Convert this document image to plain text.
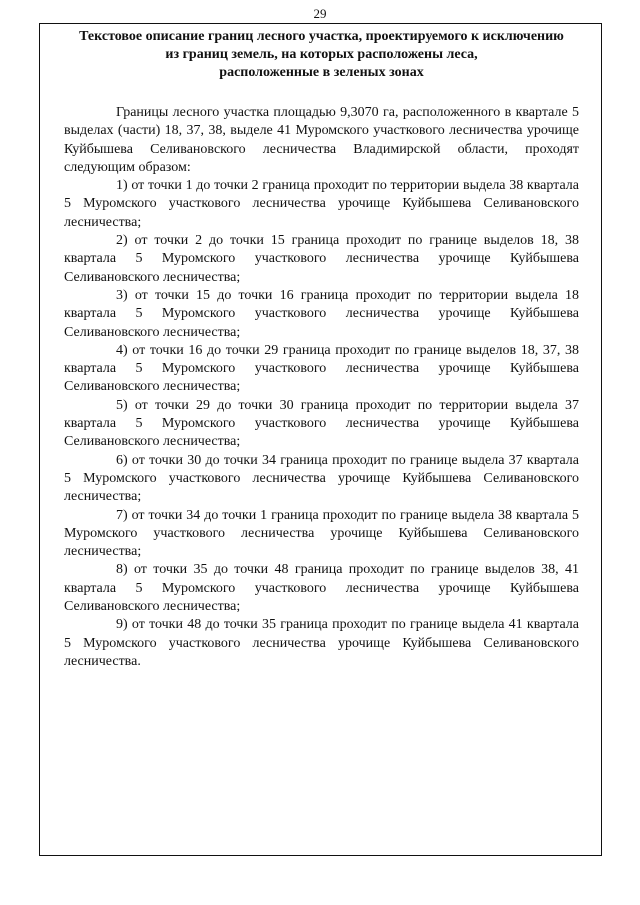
29
Текстовое описание границ лесного участка, проектируемого к исключению
из границ земель, на которых расположены леса,
расположенные в зеленых зонах

Границы лесного участка площадью 9,3070 га, расположенного в квартале 5 выделах (части) 18, 37, 38, выделе 41 Муромского участкового лесничества урочище Куйбышева Селивановского лесничества Владимирской области, проходят следующим образом:

1) от точки 1 до точки 2 граница проходит по территории выдела 38 квартала 5 Муромского участкового лесничества урочище Куйбышева Селивановского лесничества;

2) от точки 2 до точки 15 граница проходит по границе выделов 18, 38 квартала 5 Муромского участкового лесничества урочище Куйбышева Селивановского лесничества;

3) от точки 15 до точки 16 граница проходит по территории выдела 18 квартала 5 Муромского участкового лесничества урочище Куйбышева Селивановского лесничества;

4) от точки 16 до точки 29 граница проходит по границе выделов 18, 37, 38 квартала 5 Муромского участкового лесничества урочище Куйбышева Селивановского лесничества;

5) от точки 29 до точки 30 граница проходит по территории выдела 37 квартала 5 Муромского участкового лесничества урочище Куйбышева Селивановского лесничества;

6) от точки 30 до точки 34 граница проходит по границе выдела 37 квартала 5 Муромского участкового лесничества урочище Куйбышева Селивановского лесничества;

7) от точки 34 до точки 1 граница проходит по границе выдела 38 квартала 5 Муромского участкового лесничества урочище Куйбышева Селивановского лесничества;

8) от точки 35 до точки 48 граница проходит по границе выделов 38, 41 квартала 5 Муромского участкового лесничества урочище Куйбышева Селивановского лесничества;

9) от точки 48 до точки 35 граница проходит по границе выдела 41 квартала 5 Муромского участкового лесничества урочище Куйбышева Селивановского лесничества.
